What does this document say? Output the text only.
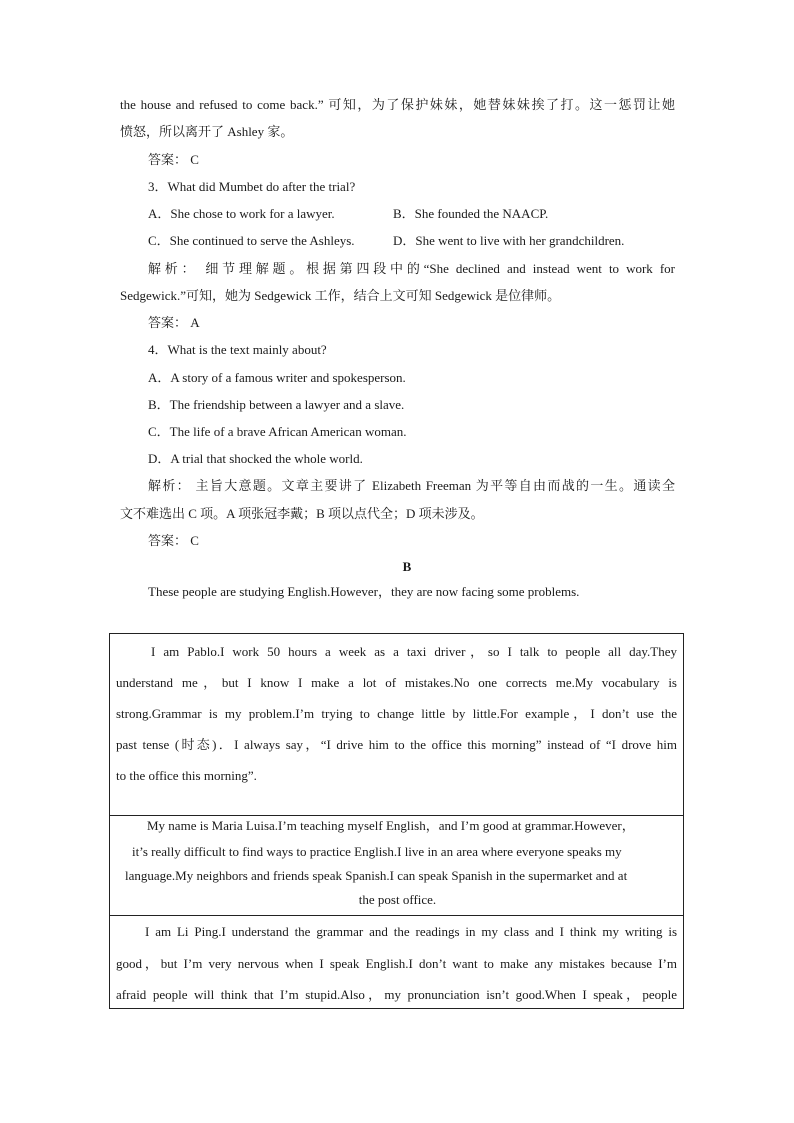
the house and refused to come back.” 可知，为了保护妹妹，她替妹妹挨了打。这一惩罚让她
愤怒，所以离开了 Ashley 家。
答案： C
3．What did Mumbet do after the trial?
A．She chose to work for a lawyer.	B．She founded the NAACP.
C．She continued to serve the Ashleys.	D．She went to live with her grandchildren.
解析： 细节理解题。根据第四段中的“She declined and instead went to work for
Sedgewick.”可知，她为 Sedgewick 工作，结合上文可知 Sedgewick 是位律师。
答案： A
4．What is the text mainly about?
A．A story of a famous writer and spokesperson.
B．The friendship between a lawyer and a slave.
C．The life of a brave African American woman.
D．A trial that shocked the whole world.
解析： 主旨大意题。文章主要讲了 Elizabeth Freeman 为平等自由而战的一生。通读全
文不难选出 C 项。A 项张冠李戴；B 项以点代全；D 项未涉及。
答案： C
B
These people are studying English.However，they are now facing some problems.
I am Pablo.I work 50 hours a week as a taxi driver，so I talk to people all day.They
understand me，but I know I make a lot of mistakes.No one corrects me.My vocabulary is
strong.Grammar is my problem.I’m trying to change little by little.For example，I don’t use the
past tense (时态)．I always say，“I drive him to the office this morning” instead of “I drove him
to the office this morning”.
My name is Maria Luisa.I’m teaching myself English，and I’m good at grammar.However，
it’s really difficult to find ways to practice English.I live in an area where everyone speaks my
language.My neighbors and friends speak Spanish.I can speak Spanish in the supermarket and at
the post office.
I am Li Ping.I understand the grammar and the readings in my class and I think my writing is
good，but I’m very nervous when I speak English.I don’t want to make any mistakes because I’m
afraid people will think that I’m stupid.Also，my pronunciation isn’t good.When I speak，people
